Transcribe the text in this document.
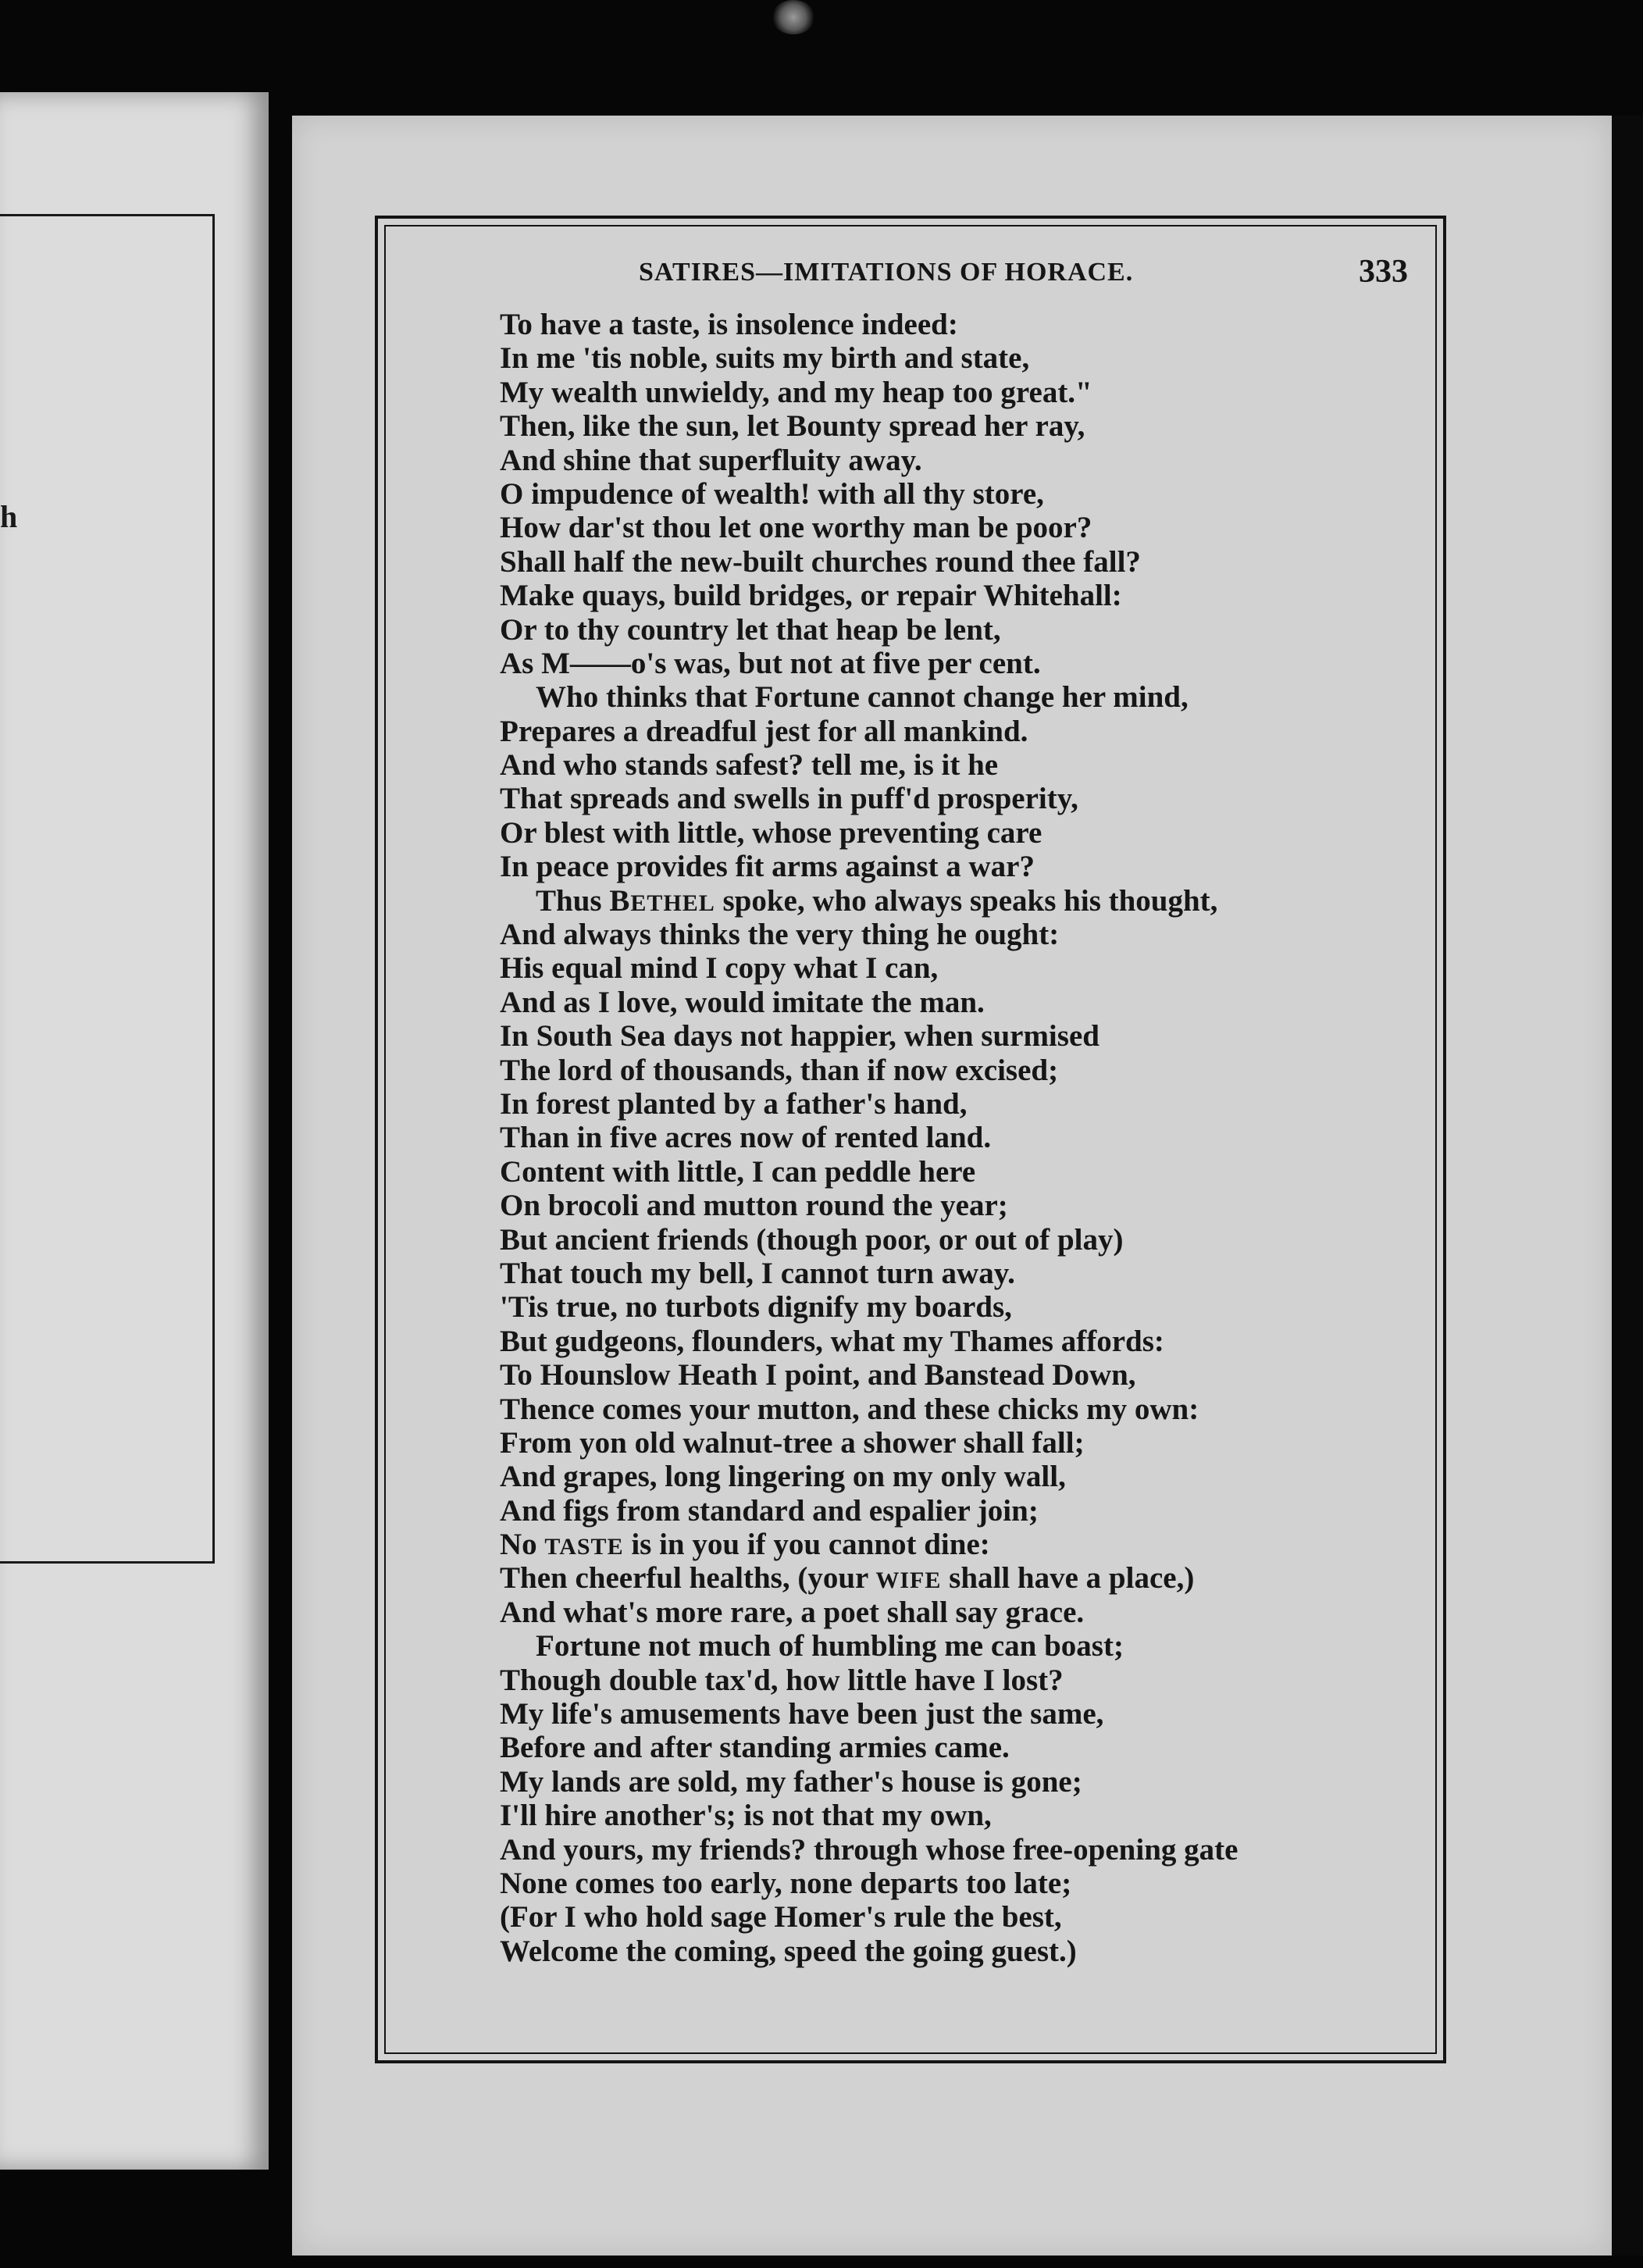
h
SATIRES—IMITATIONS OF HORACE.	333
To have a taste, is insolence indeed:
In me 'tis noble, suits my birth and state,
My wealth unwieldy, and my heap too great."
Then, like the sun, let Bounty spread her ray,
And shine that superfluity away.
O impudence of wealth! with all thy store,
How dar'st thou let one worthy man be poor?
Shall half the new-built churches round thee fall?
Make quays, build bridges, or repair Whitehall:
Or to thy country let that heap be lent,
As M——o's was, but not at five per cent.
Who thinks that Fortune cannot change her mind,
Prepares a dreadful jest for all mankind.
And who stands safest? tell me, is it he
That spreads and swells in puff'd prosperity,
Or blest with little, whose preventing care
In peace provides fit arms against a war?
Thus BETHEL spoke, who always speaks his thought,
And always thinks the very thing he ought:
His equal mind I copy what I can,
And as I love, would imitate the man.
In South Sea days not happier, when surmised
The lord of thousands, than if now excised;
In forest planted by a father's hand,
Than in five acres now of rented land.
Content with little, I can peddle here
On brocoli and mutton round the year;
But ancient friends (though poor, or out of play)
That touch my bell, I cannot turn away.
'Tis true, no turbots dignify my boards,
But gudgeons, flounders, what my Thames affords:
To Hounslow Heath I point, and Banstead Down,
Thence comes your mutton, and these chicks my own:
From yon old walnut-tree a shower shall fall;
And grapes, long lingering on my only wall,
And figs from standard and espalier join;
No TASTE is in you if you cannot dine:
Then cheerful healths, (your WIFE shall have a place,)
And what's more rare, a poet shall say grace.
Fortune not much of humbling me can boast;
Though double tax'd, how little have I lost?
My life's amusements have been just the same,
Before and after standing armies came.
My lands are sold, my father's house is gone;
I'll hire another's; is not that my own,
And yours, my friends? through whose free-opening gate
None comes too early, none departs too late;
(For I who hold sage Homer's rule the best,
Welcome the coming, speed the going guest.)
